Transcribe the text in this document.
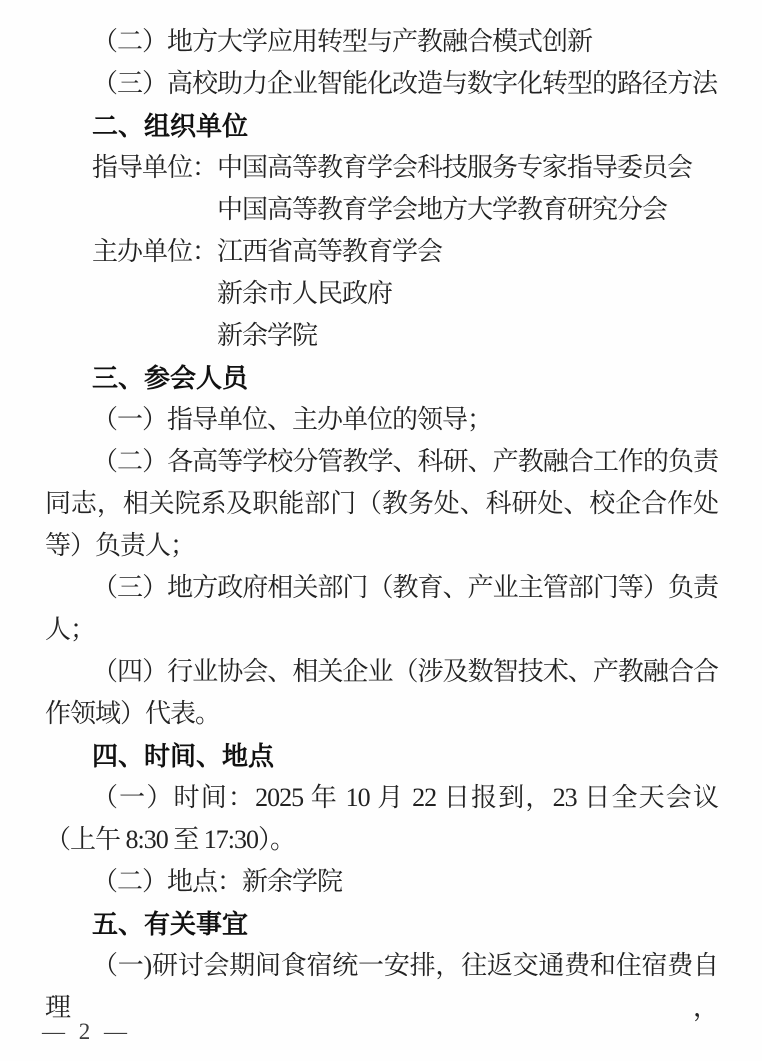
（二）地方大学应用转型与产教融合模式创新

（三）高校助力企业智能化改造与数字化转型的路径方法

二、组织单位

指导单位： 中国高等教育学会科技服务专家指导委员会
中国高等教育学会地方大学教育研究分会
主办单位： 江西省高等教育学会
新余市人民政府
新余学院

三、参会人员

（一）指导单位、主办单位的领导；

（二）各高等学校分管教学、科研、产教融合工作的负责同志，相关院系及职能部门（教务处、科研处、校企合作处等）负责人；

（三）地方政府相关部门（教育、产业主管部门等）负责人；

（四）行业协会、相关企业（涉及数智技术、产教融合合作领域）代表。

四、时间、地点

（一）时间：2025 年 10 月 22 日报到，23 日全天会议（上午 8:30 至 17:30）。

（二）地点：新余学院

五、有关事宜

（一)研讨会期间食宿统一安排，往返交通费和住宿费自理，

— 2 —
